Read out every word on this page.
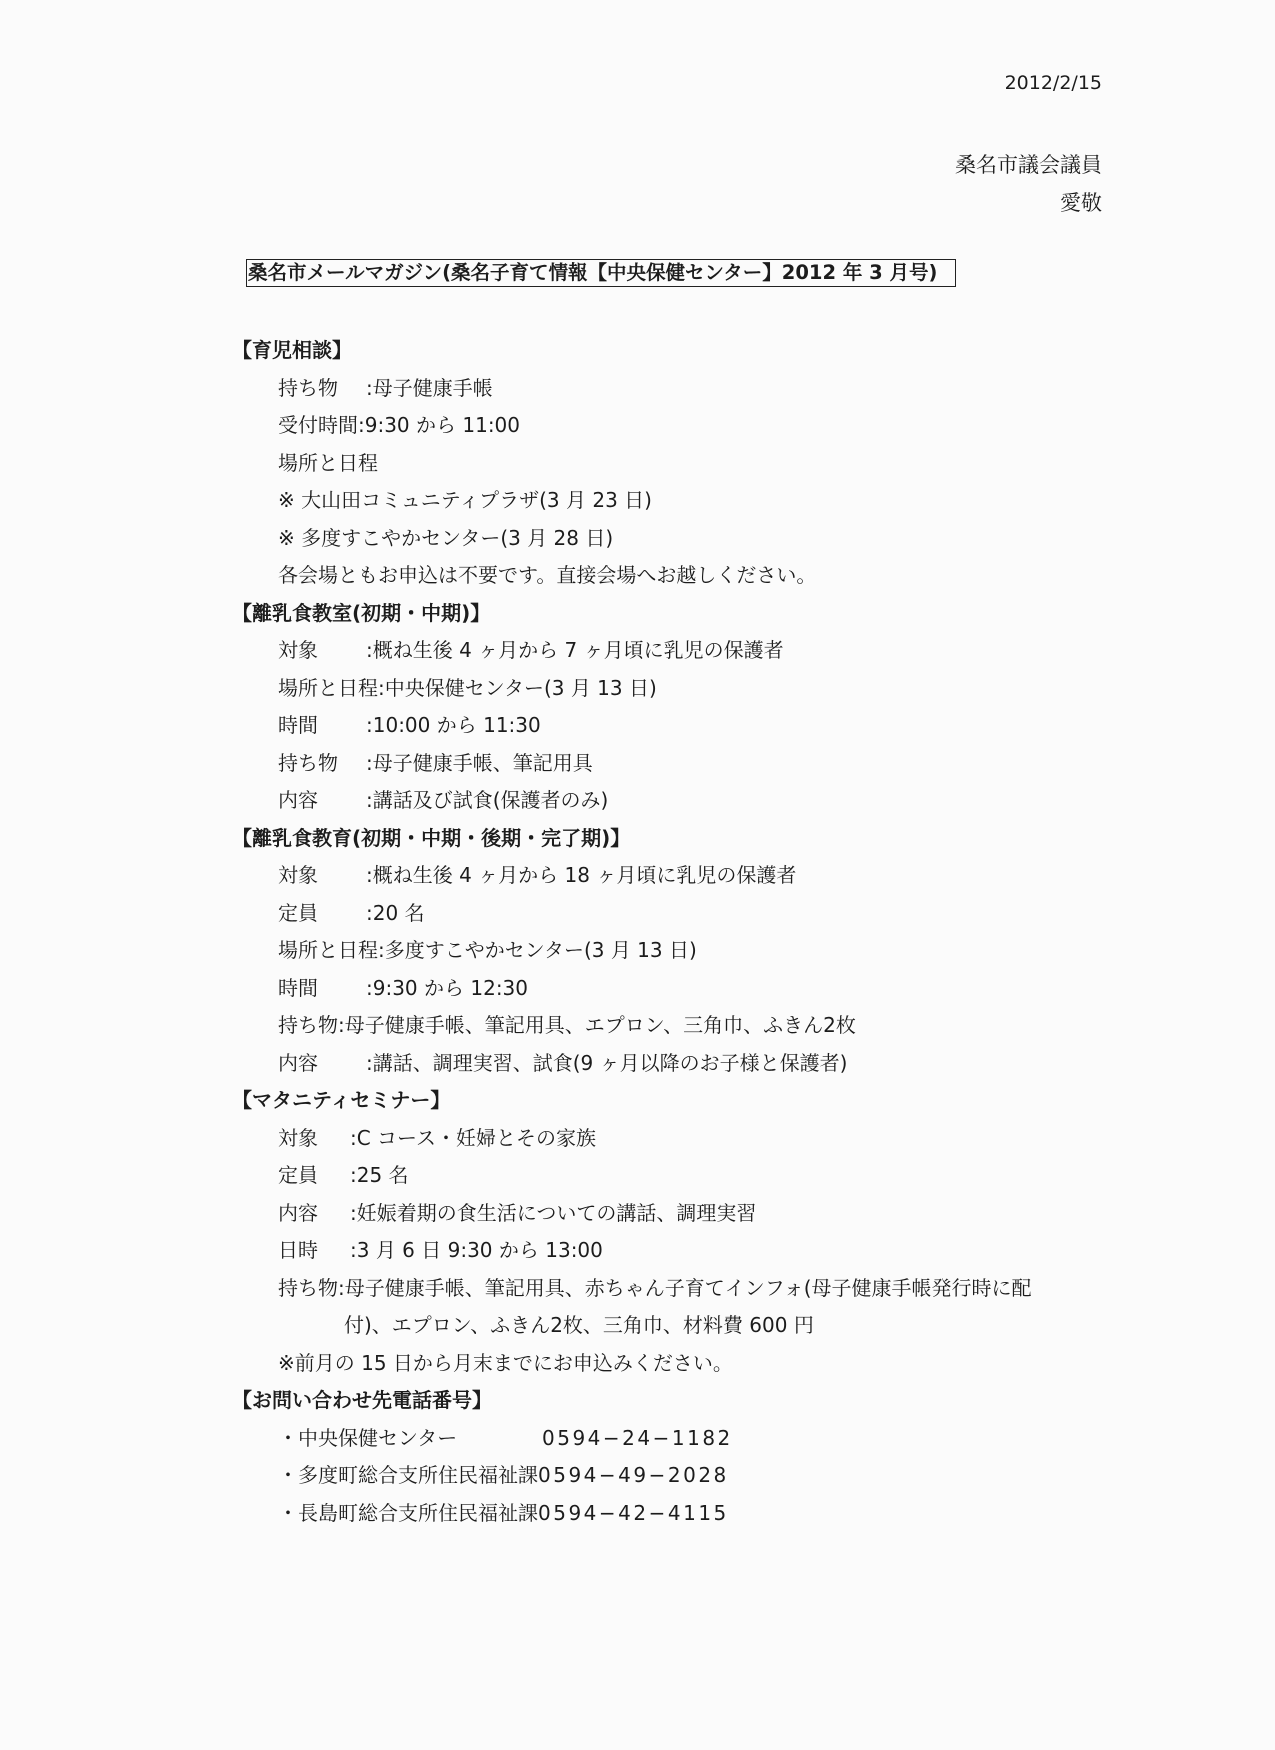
2012/2/15
桑名市議会議員
愛敬
桑名市メールマガジン(桑名子育て情報【中央保健センター】2012 年 3 月号)
【育児相談】
持ち物	:母子健康手帳
受付時間 :9:30 から 11:00
場所と日程
※ 大山田コミュニティプラザ(3 月 23 日)
※ 多度すこやかセンター(3 月 28 日)
各会場ともお申込は不要です。直接会場へお越しください。
【離乳食教室(初期・中期)】
対象	:概ね生後 4 ヶ月から 7 ヶ月頃に乳児の保護者
場所と日程 :中央保健センター(3 月 13 日)
時間	:10:00 から 11:30
持ち物	:母子健康手帳、筆記用具
内容	:講話及び試食(保護者のみ)
【離乳食教育(初期・中期・後期・完了期)】
対象	:概ね生後 4 ヶ月から 18 ヶ月頃に乳児の保護者
定員	:20 名
場所と日程 :多度すこやかセンター(3 月 13 日)
時間	:9:30 から 12:30
持ち物 :母子健康手帳、筆記用具、エプロン、三角巾、ふきん2枚
内容	:講話、調理実習、試食(9 ヶ月以降のお子様と保護者)
【マタニティセミナー】
対象	:C コース・妊婦とその家族
定員	:25 名
内容	:妊娠着期の食生活についての講話、調理実習
日時	:3 月 6 日 9:30 から 13:00
持ち物 :母子健康手帳、筆記用具、赤ちゃん子育てインフォ(母子健康手帳発行時に配
付)、エプロン、ふきん2枚、三角巾、材料費 600 円
※前月の 15 日から月末までにお申込みください。
【お問い合わせ先電話番号】
・中央保健センター	0594−24−1182
・多度町総合支所住民福祉課 0594−49−2028
・長島町総合支所住民福祉課 0594−42−4115
